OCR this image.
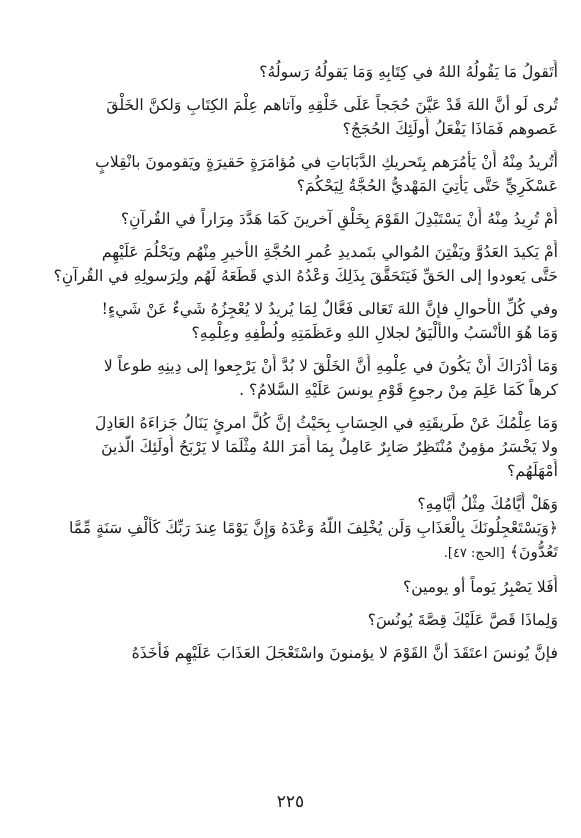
أَتَقولُ مَا يَقُولُهُ اللهُ في كِتَابِهِ وَمَا يَقولُهُ رَسولُهُ؟

تُرى لَو أنَّ اللهَ قَدْ عَيَّنَ حُجَجاً عَلَى خَلْقِهِ وآتاهم عِلْمَ الكِتَابِ وَلكنَّ الخَلْقَ

عَصوهم فَمَاذَا يَفْعَلُ أُولَئِكَ الحُجَجُ؟

أَتُريدُ مِنْهُ أَنْ يَأْمُرَهم بِتَحريكِ الدَّبَابَاتِ في مُؤامَرَةٍ حَقيرَةٍ ويَقومونَ بانْقِلابٍ

عَسْكَرِيٍّ حَتَّى يَأْتِيَ المَهْديُّ الحُجَّةُ لِيَحْكُمَ؟

أَمْ تُرِيدُ مِنْهُ أَنْ يَسْتَبْدِلَ القَوْمَ بِخَلْقٍ آخرينَ كَمَا هَدَّدَ مِرَاراً في القُرآنِ؟

أَمْ يَكيدَ العَدُوَّ ويَفْتِنَ المُوالي بتَمديدِ عُمرِ الحُجَّةِ الأخيرِ مِنْهُم ويَحْلُمَ عَلَيْهِم

حَتَّى يَعودوا إلى الحَقِّ فَيَتَحَقَّقَ بِذَلِكَ وَعْدُهُ الذي قَطَعَهُ لَهُم ولِرَسولِهِ في القُرآنِ؟

وفي كُلِّ الأَحوالِ فإنَّ اللهَ تَعَالى فَعَّالٌ لِمَا يُريدُ لا يُعْجِزُهُ شَيءٌ عَنْ شَيءٍ!

وَمَا هُوَ الأَنْسَبُ والأَلْيَقُ لجلالِ اللهِ وعَظَمَتِهِ ولُطْفِهِ وعِلْمِهِ؟

وَمَا أَدْرَاكَ أَنْ يَكُونَ في عِلْمِهِ أَنَّ الخَلْقَ لا بُدَّ أَنْ يَرْجِعوا إلى دِينِهِ طوعاً لا

كرهاً كَمَا عَلِمَ مِنْ رجوعِ قَوْمِ يونسَ عَلَيْهِ السَّلامُ؟ .

وَمَا عِلْمُكَ عَنْ طَريقَتِهِ في الحِسَابِ بِحَيْثُ إنَّ كُلَّ امرئٍ يَنَالُ جَزاءَهُ العَادِلَ

ولا يَخْسَرُ مؤمِنٌ مُنْتَظِرٌ صَابِرٌ عَامِلٌ بِمَا أَمَرَ اللهُ مِثْلَمَا لا يَرْبَحُ أُولَئِكَ الَّذينَ

أَمْهَلَهُم؟

وَهَلْ أَيَّامُكَ مِثْلُ أَيَّامِهِ؟

﴿وَيَسْتَعْجِلُونَكَ بِالْعَذَابِ وَلَن يُخْلِفَ اللَّهُ وَعْدَهُ وَإِنَّ يَوْمًا عِندَ رَبِّكَ كَأَلْفِ سَنَةٍ مِّمَّا
تَعُدُّونَ﴾ [الحج: ٤٧].

أَفَلا يَصْبِرُ يَوماً أو يومين؟

وَلِماذَا قَصَّ عَلَيْكَ قِصَّةَ يُونُسَ؟

فإنَّ يُونسَ اعتَقَدَ أنَّ القَوْمَ لا يؤمنونَ واسْتَعْجَلَ العَذَابَ عَلَيْهِم فَأَخَذَهُ

٢٢٥
